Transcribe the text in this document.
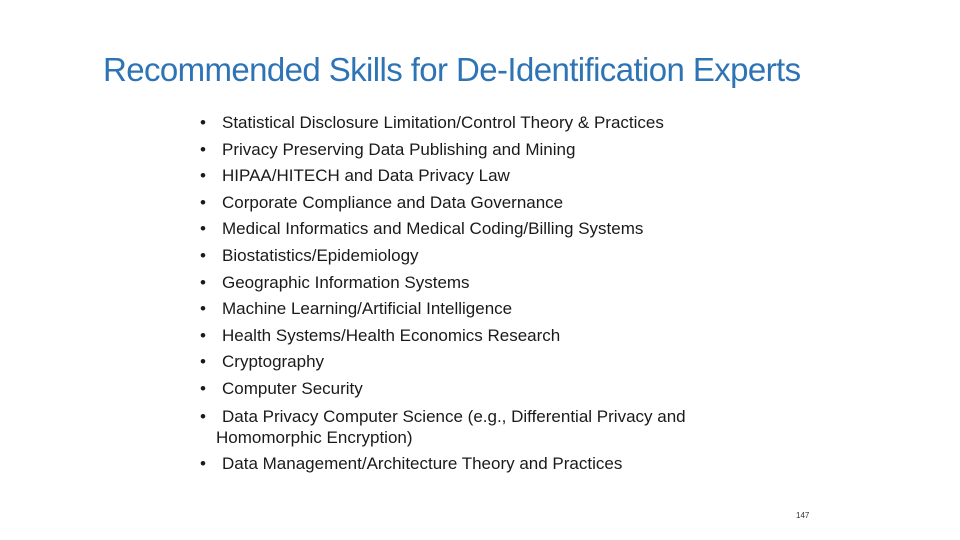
Recommended Skills for De-Identification Experts
• Statistical Disclosure Limitation/Control Theory & Practices
• Privacy Preserving Data Publishing and Mining
• HIPAA/HITECH and Data Privacy Law
• Corporate Compliance and Data Governance
• Medical Informatics and Medical Coding/Billing Systems
• Biostatistics/Epidemiology
• Geographic Information Systems
• Machine Learning/Artificial Intelligence
• Health Systems/Health Economics Research
• Cryptography
• Computer Security
• Data Privacy Computer Science (e.g., Differential Privacy and
Homomorphic Encryption)
• Data Management/Architecture Theory and Practices
147
